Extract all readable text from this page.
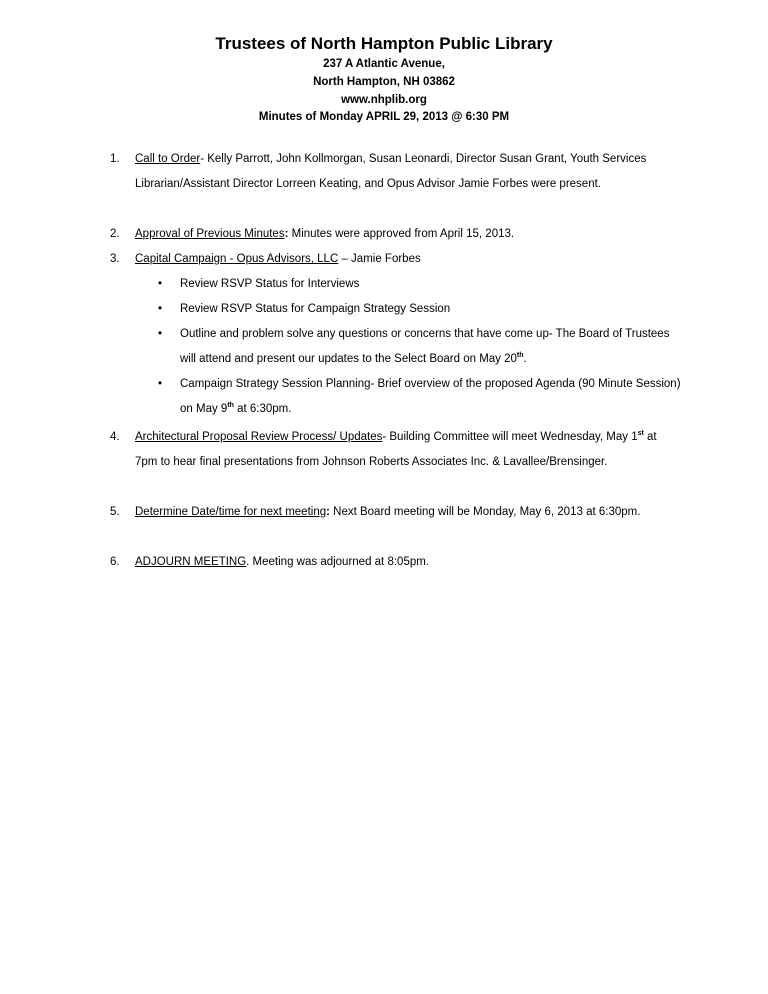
Trustees of North Hampton Public Library
237 A Atlantic Avenue,
North Hampton, NH 03862
www.nhplib.org
Minutes of Monday APRIL 29, 2013 @ 6:30 PM
1.	Call to Order- Kelly Parrott, John Kollmorgan, Susan Leonardi, Director Susan Grant, Youth Services Librarian/Assistant Director Lorreen Keating, and Opus Advisor Jamie Forbes were present.
2.	Approval of Previous Minutes: Minutes were approved from April 15, 2013.
3.	Capital Campaign - Opus Advisors, LLC – Jamie Forbes
• Review RSVP Status for Interviews
• Review RSVP Status for Campaign Strategy Session
• Outline and problem solve any questions or concerns that have come up- The Board of Trustees will attend and present our updates to the Select Board on May 20th.
• Campaign Strategy Session Planning- Brief overview of the proposed Agenda (90 Minute Session) on May 9th at 6:30pm.
4.	Architectural Proposal Review Process/ Updates- Building Committee will meet Wednesday, May 1st at 7pm to hear final presentations from Johnson Roberts Associates Inc. & Lavallee/Brensinger.
5.	Determine Date/time for next meeting: Next Board meeting will be Monday, May 6, 2013 at 6:30pm.
6.	ADJOURN MEETING. Meeting was adjourned at 8:05pm.
